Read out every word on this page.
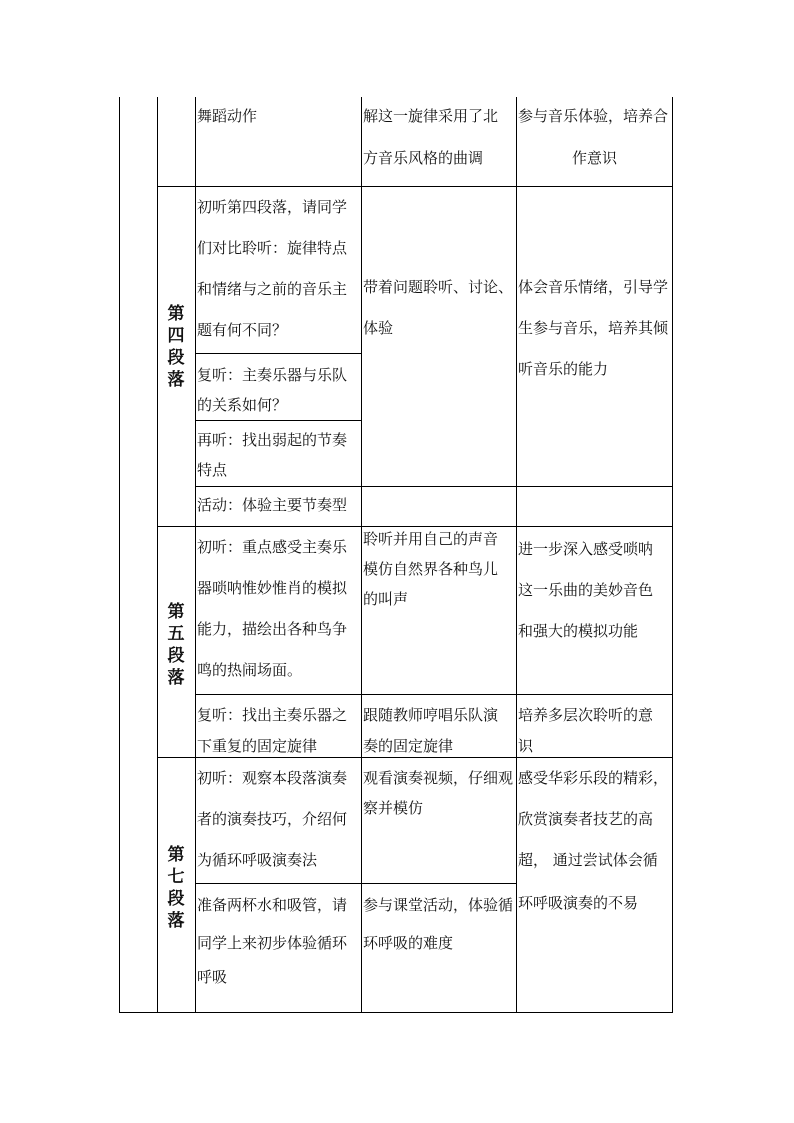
舞蹈动作	解这一旋律采用了北
方音乐风格的曲调
参与音乐体验，培养合
作意识
第
四
段
落
初听第四段落，请同学
们对比聆听：旋律特点
和情绪与之前的音乐主
题有何不同？
复听：主奏乐器与乐队
的关系如何？
再听：找出弱起的节奏
特点
活动：体验主要节奏型
带着问题聆听、讨论、
体验
体会音乐情绪，引导学
生参与音乐，培养其倾
听音乐的能力
第
五
段
落
初听：重点感受主奏乐
器唢呐惟妙惟肖的模拟
能力，描绘出各种鸟争
鸣的热闹场面。
复听：找出主奏乐器之
下重复的固定旋律
聆听并用自己的声音
模仿自然界各种鸟儿
的叫声
跟随教师哼唱乐队演
奏的固定旋律
进一步深入感受唢呐
这一乐曲的美妙音色
和强大的模拟功能
培养多层次聆听的意
识
第
七
段
落
初听：观察本段落演奏
者的演奏技巧，介绍何
为循环呼吸演奏法
准备两杯水和吸管，请
同学上来初步体验循环
呼吸
观看演奏视频，仔细观
察并模仿
参与课堂活动，体验循
环呼吸的难度
感受华彩乐段的精彩，
欣赏演奏者技艺的高
超， 通过尝试体会循
环呼吸演奏的不易
